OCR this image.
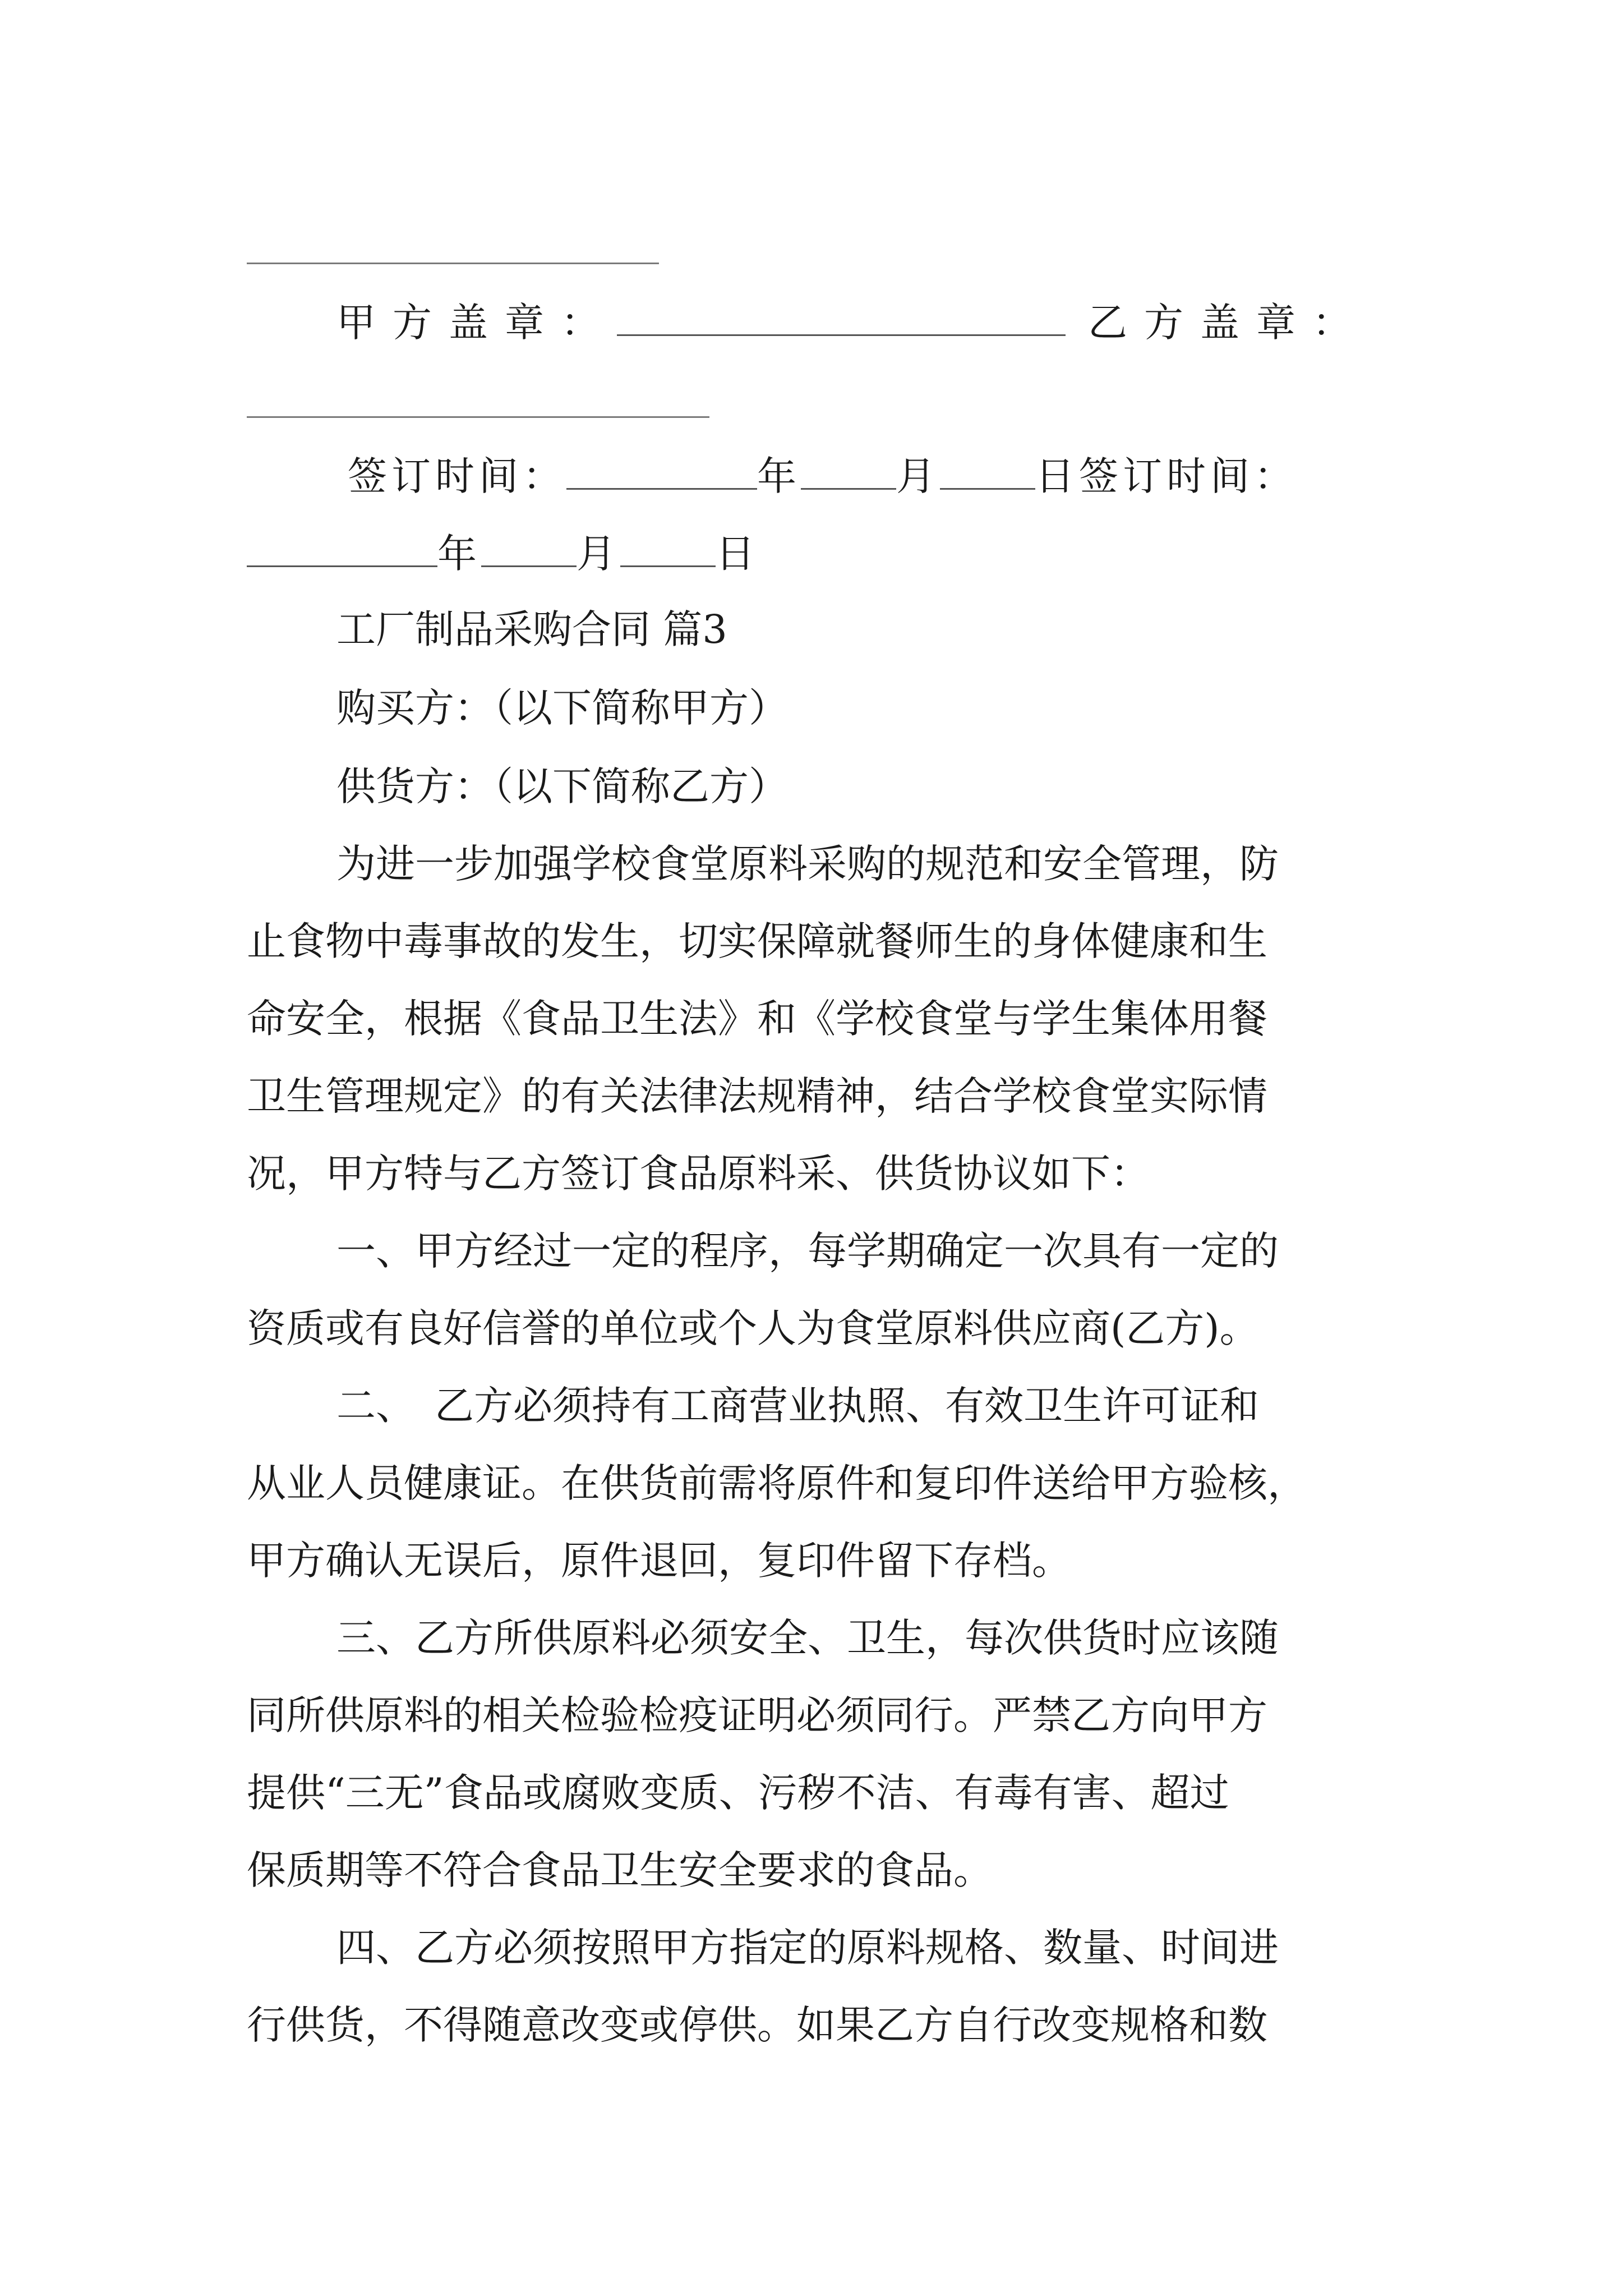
甲方盖章：	乙方盖章：
签订时间：	年 月 日签订时间：
年 月 日
工厂制品采购合同 篇3
购买方：（以下简称甲方）
供货方：（以下简称乙方）
为进一步加强学校食堂原料采购的规范和安全管理，防
止食物中毒事故的发生，切实保障就餐师生的身体健康和生
命安全，根据《食品卫生法》和《学校食堂与学生集体用餐
卫生管理规定》的有关法律法规精神，结合学校食堂实际情
况，甲方特与乙方签订食品原料采、供货协议如下：
一、甲方经过一定的程序，每学期确定一次具有一定的
资质或有良好信誉的单位或个人为食堂原料供应商(乙方)。
二、　乙方必须持有工商营业执照、有效卫生许可证和
从业人员健康证。在供货前需将原件和复印件送给甲方验核，
甲方确认无误后，原件退回，复印件留下存档。
三、乙方所供原料必须安全、卫生，每次供货时应该随
同所供原料的相关检验检疫证明必须同行。严禁乙方向甲方
提供“三无”食品或腐败变质、污秽不洁、有毒有害、超过
保质期等不符合食品卫生安全要求的食品。
四、乙方必须按照甲方指定的原料规格、数量、时间进
行供货，不得随意改变或停供。如果乙方自行改变规格和数
